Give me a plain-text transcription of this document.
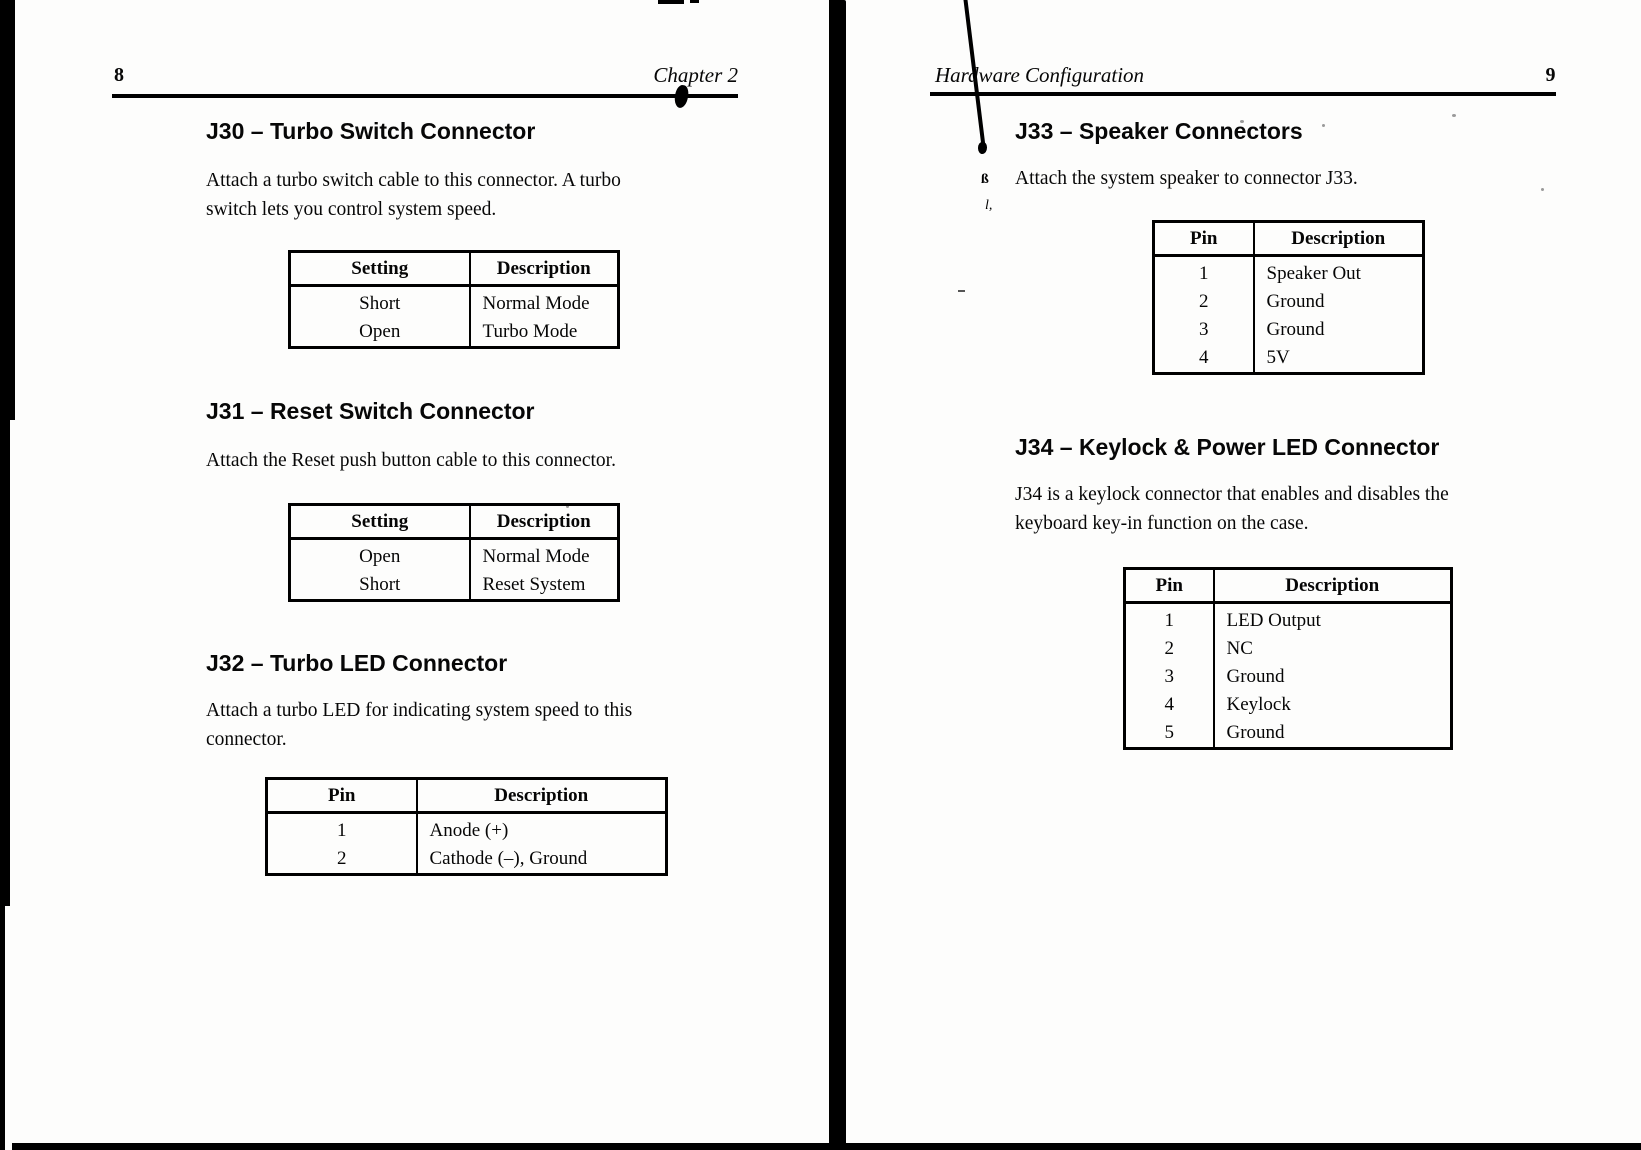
ß
l,
8	Chapter 2
J30 – Turbo Switch Connector
Attach a turbo switch cable to this connector. A turbo
switch lets you control system speed.
Setting	Description
Short	Normal Mode
Open	Turbo Mode
J31 – Reset Switch Connector
Attach the Reset push button cable to this connector.
Setting	Description
Open	Normal Mode
Short	Reset System
J32 – Turbo LED Connector
Attach a turbo LED for indicating system speed to this
connector.
Pin	Description
1	Anode (+)
2	Cathode (–), Ground
Hardware Configuration	9
J33 – Speaker Connectors
Attach the system speaker to connector J33.
Pin	Description
1	Speaker Out
2	Ground
3	Ground
4	5V
J34 – Keylock & Power LED Connector
J34 is a keylock connector that enables and disables the
keyboard key-in function on the case.
Pin	Description
1	LED Output
2	NC
3	Ground
4	Keylock
5	Ground
